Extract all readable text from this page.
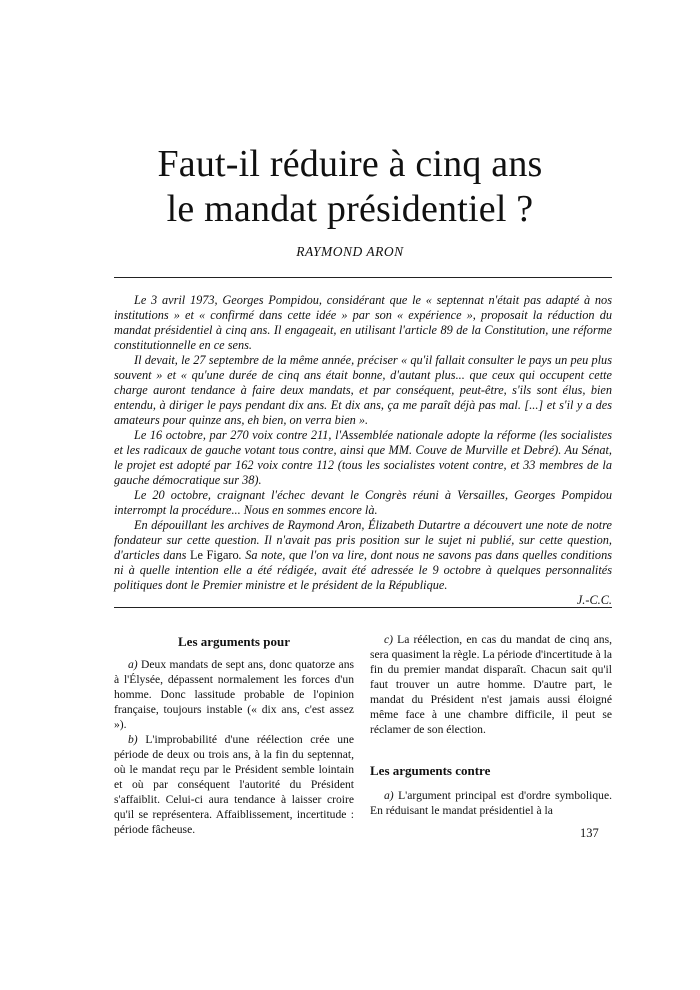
Faut-il réduire à cinq ans
le mandat présidentiel ?
RAYMOND ARON

Le 3 avril 1973, Georges Pompidou, considérant que le « septennat n'était pas adapté à nos institutions » et « confirmé dans cette idée » par son « expérience », proposait la réduction du mandat présidentiel à cinq ans. Il engageait, en utilisant l'article 89 de la Constitution, une réforme constitutionnelle en ce sens.

Il devait, le 27 septembre de la même année, préciser « qu'il fallait consulter le pays un peu plus souvent » et « qu'une durée de cinq ans était bonne, d'autant plus... que ceux qui occupent cette charge auront tendance à faire deux mandats, et par conséquent, peut-être, s'ils sont élus, bien entendu, à diriger le pays pendant dix ans. Et dix ans, ça me paraît déjà pas mal. [...] et s'il y a des amateurs pour quinze ans, eh bien, on verra bien ».

Le 16 octobre, par 270 voix contre 211, l'Assemblée nationale adopte la réforme (les socialistes et les radicaux de gauche votant tous contre, ainsi que MM. Couve de Murville et Debré). Au Sénat, le projet est adopté par 162 voix contre 112 (tous les socialistes votent contre, et 33 membres de la gauche démocratique sur 38).

Le 20 octobre, craignant l'échec devant le Congrès réuni à Versailles, Georges Pompidou interrompt la procédure... Nous en sommes encore là.

En dépouillant les archives de Raymond Aron, Élizabeth Dutartre a découvert une note de notre fondateur sur cette question. Il n'avait pas pris position sur le sujet ni publié, sur cette question, d'articles dans Le Figaro. Sa note, que l'on va lire, dont nous ne savons pas dans quelles conditions ni à quelle intention elle a été rédigée, avait été adressée le 9 octobre à quelques personnalités politiques dont le Premier ministre et le président de la République.

J.-C.C.

Les arguments pour

a) Deux mandats de sept ans, donc quatorze ans à l'Élysée, dépassent normalement les forces d'un homme. Donc lassitude probable de l'opinion française, toujours instable (« dix ans, c'est assez »).

b) L'improbabilité d'une réélection crée une période de deux ou trois ans, à la fin du septennat, où le mandat reçu par le Président semble lointain et où par conséquent l'autorité du Président s'affaiblit. Celui-ci aura tendance à laisser croire qu'il se représentera. Affaiblissement, incertitude : période fâcheuse.

c) La réélection, en cas du mandat de cinq ans, sera quasiment la règle. La période d'incertitude à la fin du premier mandat disparaît. Chacun sait qu'il faut trouver un autre homme. D'autre part, le mandat du Président n'est jamais aussi éloigné même face à une chambre difficile, il peut se réclamer de son élection.

Les arguments contre

a) L'argument principal est d'ordre symbolique. En réduisant le mandat présidentiel à la

137
